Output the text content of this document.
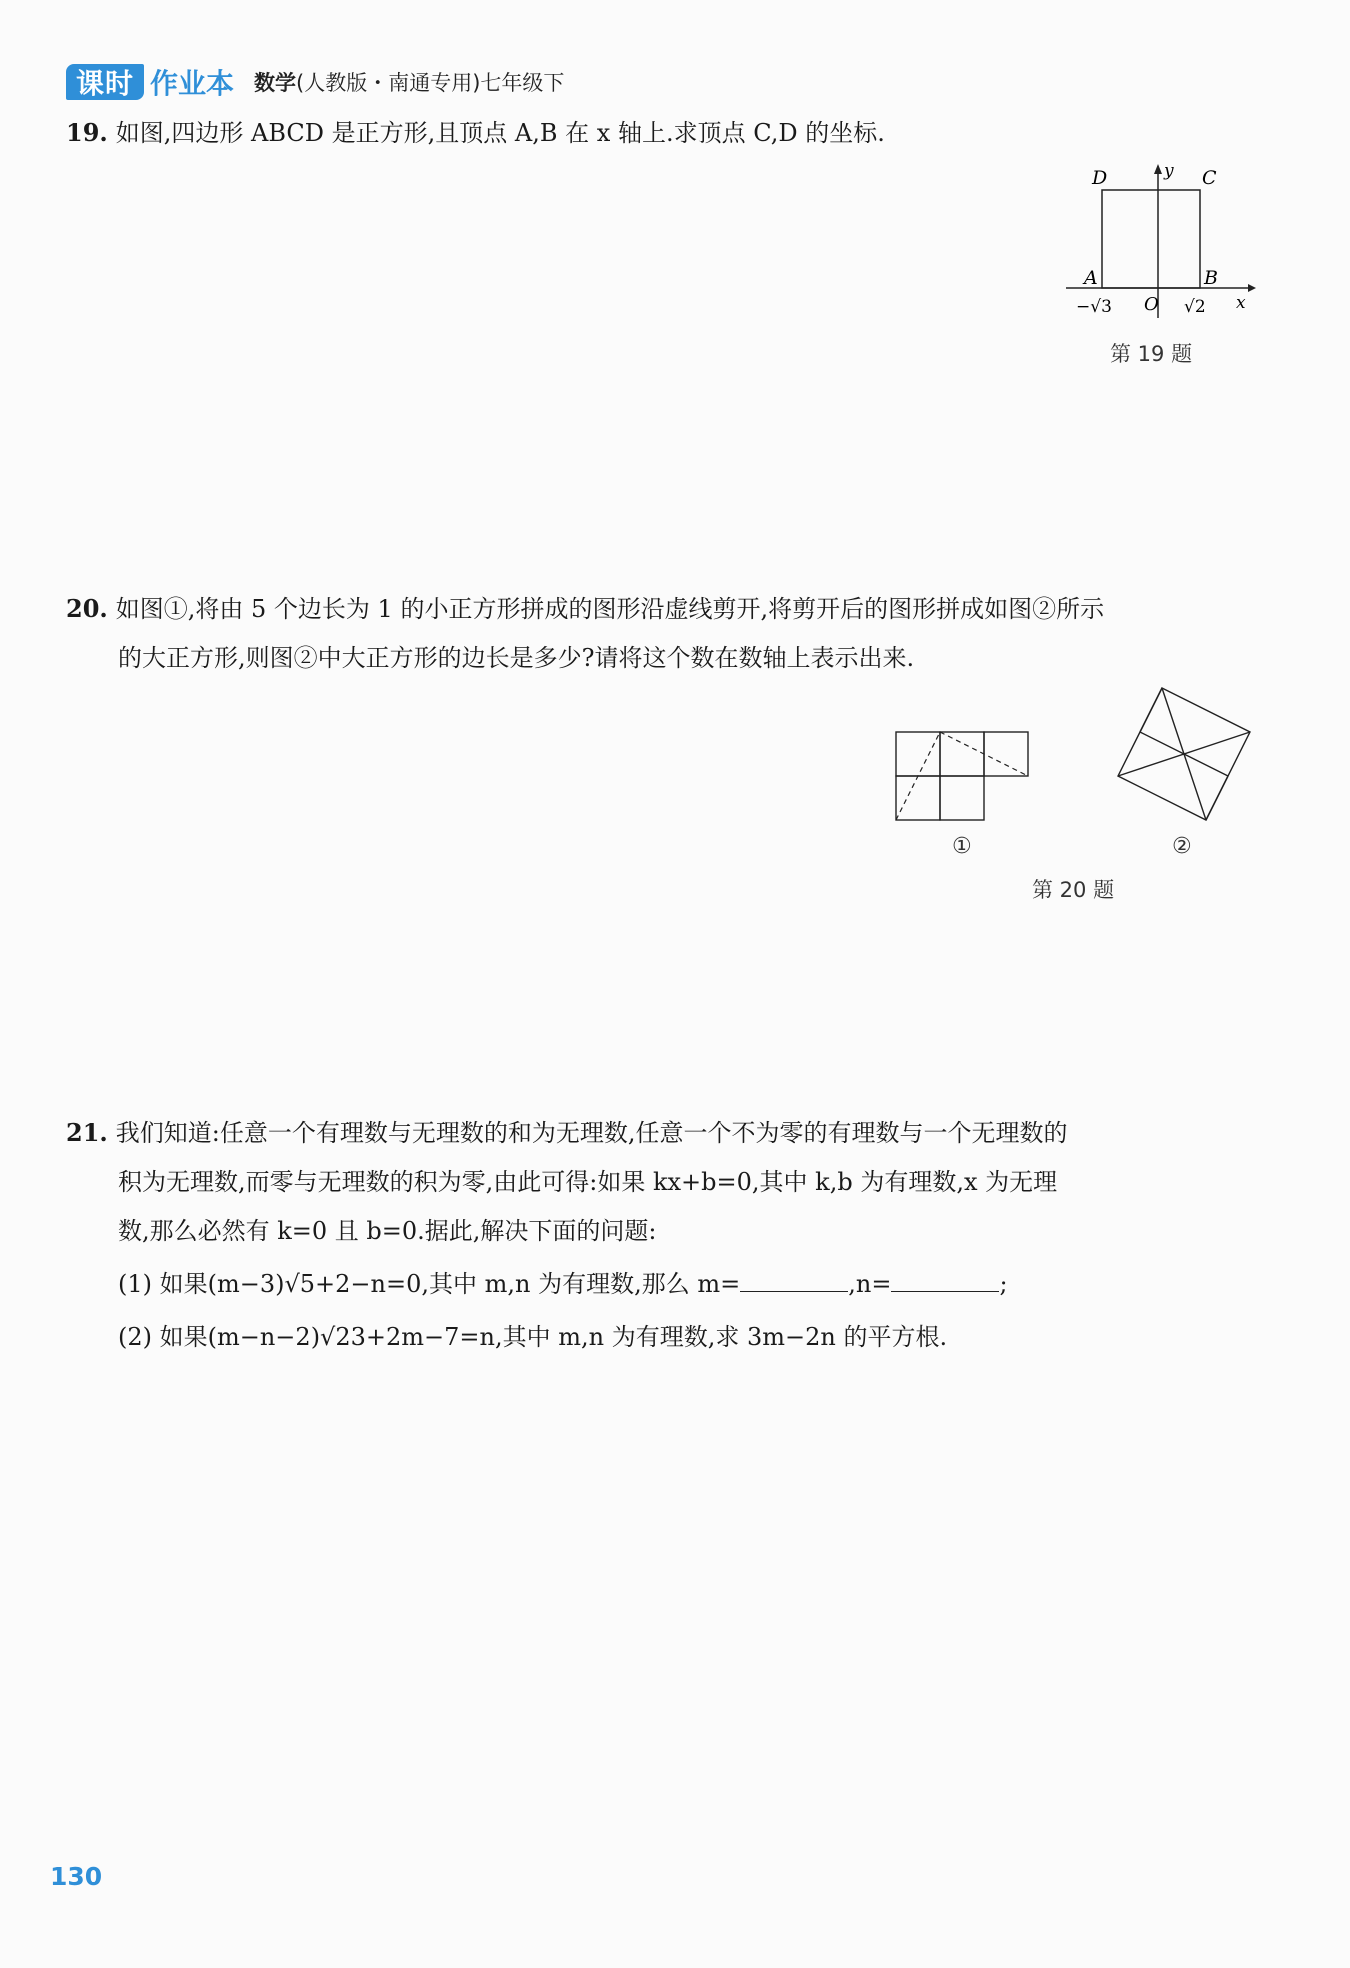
课时 作业本 数学(人教版・南通专用)七年级下
19. 如图,四边形 ABCD 是正方形,且顶点 A,B 在 x 轴上.求顶点 C,D 的坐标.
D	C
y
A	B
O	x
−√3	√2
第 19 题
20. 如图①,将由 5 个边长为 1 的小正方形拼成的图形沿虚线剪开,将剪开后的图形拼成如图②所示
的大正方形,则图②中大正方形的边长是多少?请将这个数在数轴上表示出来.
①	②
第 20 题
21. 我们知道:任意一个有理数与无理数的和为无理数,任意一个不为零的有理数与一个无理数的
积为无理数,而零与无理数的积为零,由此可得:如果 kx+b=0,其中 k,b 为有理数,x 为无理
数,那么必然有 k=0 且 b=0.据此,解决下面的问题:
(1) 如果(m−3)√5+2−n=0,其中 m,n 为有理数,那么 m=	,n=	;
(2) 如果(m−n−2)√23+2m−7=n,其中 m,n 为有理数,求 3m−2n 的平方根.
130
